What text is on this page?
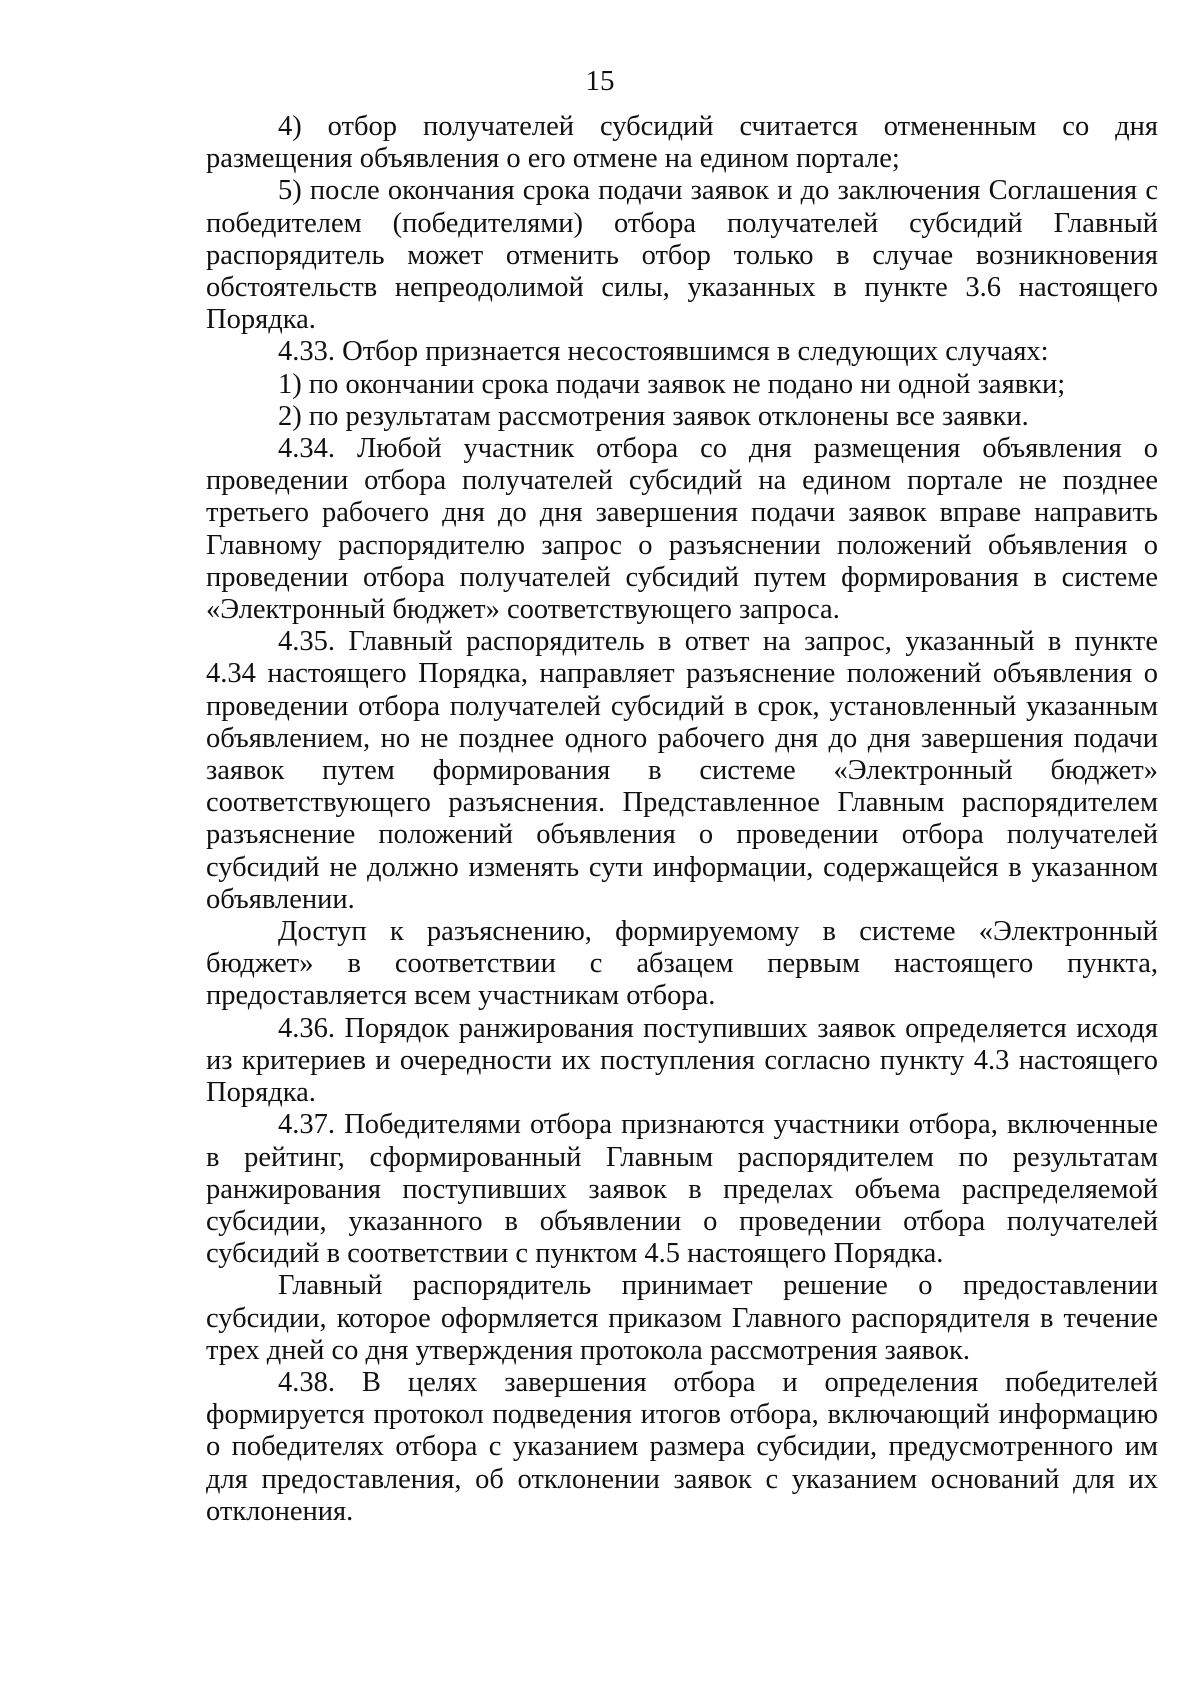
15

4) отбор получателей субсидий считается отмененным со дня размещения объявления о его отмене на едином портале;

5) после окончания срока подачи заявок и до заключения Соглашения с победителем (победителями) отбора получателей субсидий Главный распорядитель может отменить отбор только в случае возникновения обстоятельств непреодолимой силы, указанных в пункте 3.6 настоящего Порядка.

4.33. Отбор признается несостоявшимся в следующих случаях:

1) по окончании срока подачи заявок не подано ни одной заявки;

2) по результатам рассмотрения заявок отклонены все заявки.

4.34. Любой участник отбора со дня размещения объявления о проведении отбора получателей субсидий на едином портале не позднее третьего рабочего дня до дня завершения подачи заявок вправе направить Главному распорядителю запрос о разъяснении положений объявления о проведении отбора получателей субсидий путем формирования в системе «Электронный бюджет» соответствующего запроса.

4.35. Главный распорядитель в ответ на запрос, указанный в пункте 4.34 настоящего Порядка, направляет разъяснение положений объявления о проведении отбора получателей субсидий в срок, установленный указанным объявлением, но не позднее одного рабочего дня до дня завершения подачи заявок путем формирования в системе «Электронный бюджет» соответствующего разъяснения. Представленное Главным распорядителем разъяснение положений объявления о проведении отбора получателей субсидий не должно изменять сути информации, содержащейся в указанном объявлении.

Доступ к разъяснению, формируемому в системе «Электронный бюджет» в соответствии с абзацем первым настоящего пункта, предоставляется всем участникам отбора.

4.36. Порядок ранжирования поступивших заявок определяется исходя из критериев и очередности их поступления согласно пункту 4.3 настоящего Порядка.

4.37. Победителями отбора признаются участники отбора, включенные в рейтинг, сформированный Главным распорядителем по результатам ранжирования поступивших заявок в пределах объема распределяемой субсидии, указанного в объявлении о проведении отбора получателей субсидий в соответствии с пунктом 4.5 настоящего Порядка.

Главный распорядитель принимает решение о предоставлении субсидии, которое оформляется приказом Главного распорядителя в течение трех дней со дня утверждения протокола рассмотрения заявок.

4.38. В целях завершения отбора и определения победителей формируется протокол подведения итогов отбора, включающий информацию о победителях отбора с указанием размера субсидии, предусмотренного им для предоставления, об отклонении заявок с указанием оснований для их отклонения.
